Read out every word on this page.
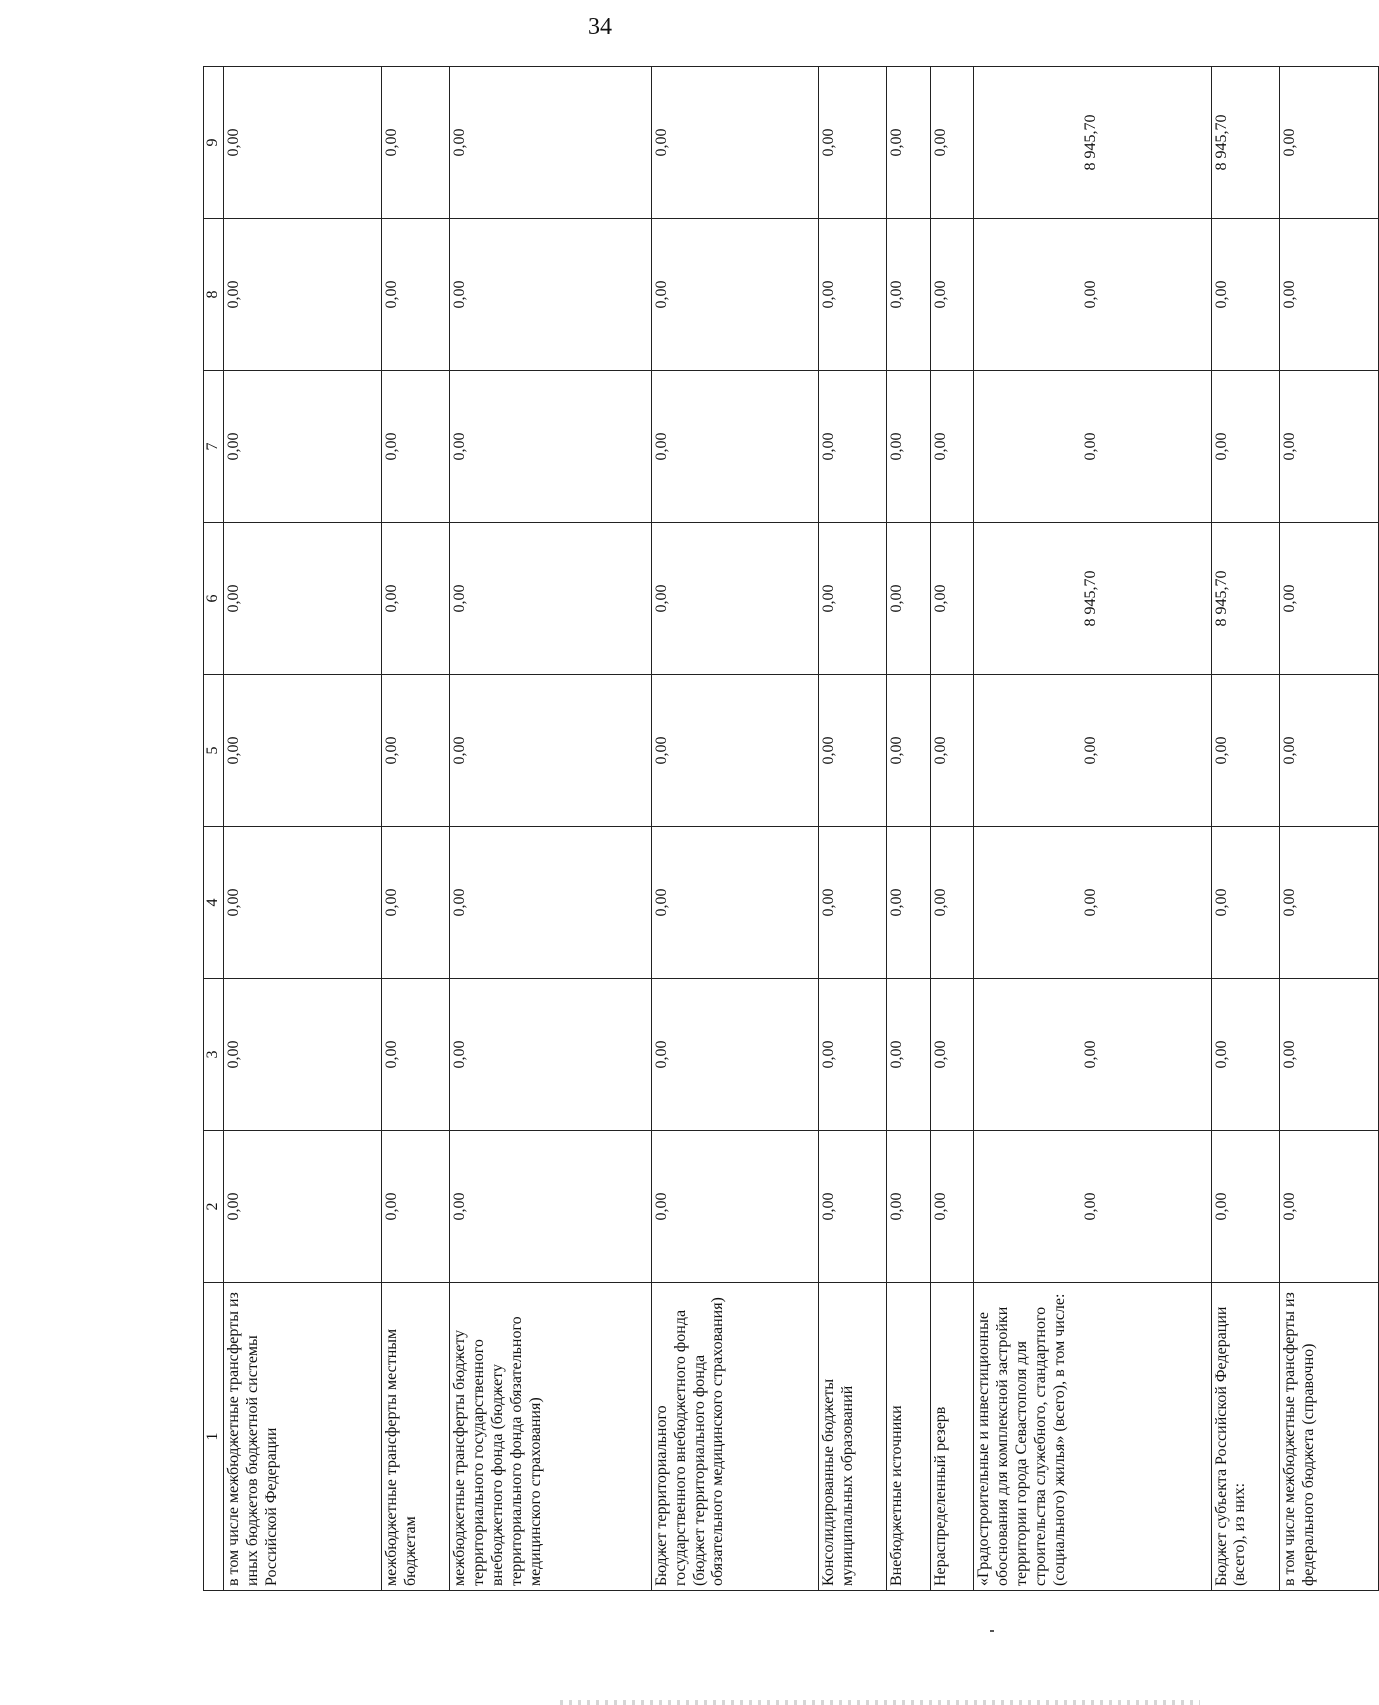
34
1	2	3	4	5	6	7	8	9
в том числе межбюджетные трансферты из иных бюджетов бюджетной системы Российской Федерации	0,00	0,00	0,00	0,00	0,00	0,00	0,00	0,00
межбюджетные трансферты местным бюджетам	0,00	0,00	0,00	0,00	0,00	0,00	0,00	0,00
межбюджетные трансферты бюджету территориального государственного внебюджетного фонда (бюджету территориального фонда обязательного медицинского страхования)	0,00	0,00	0,00	0,00	0,00	0,00	0,00	0,00
Бюджет территориального государственного внебюджетного фонда (бюджет территориального фонда обязательного медицинского страхования)	0,00	0,00	0,00	0,00	0,00	0,00	0,00	0,00
Консолидированные бюджеты муниципальных образований	0,00	0,00	0,00	0,00	0,00	0,00	0,00	0,00
Внебюджетные источники	0,00	0,00	0,00	0,00	0,00	0,00	0,00	0,00
Нераспределенный резерв	0,00	0,00	0,00	0,00	0,00	0,00	0,00	0,00
«Градостроительные и инвестиционные обоснования для комплексной застройки территории города Севастополя для строительства служебного, стандартного (социального) жилья» (всего), в том числе:	0,00	0,00	0,00	0,00	8 945,70	0,00	0,00	8 945,70
Бюджет субъекта Российской Федерации (всего), из них:	0,00	0,00	0,00	0,00	8 945,70	0,00	0,00	8 945,70
в том числе межбюджетные трансферты из федерального бюджета (справочно)	0,00	0,00	0,00	0,00	0,00	0,00	0,00	0,00
